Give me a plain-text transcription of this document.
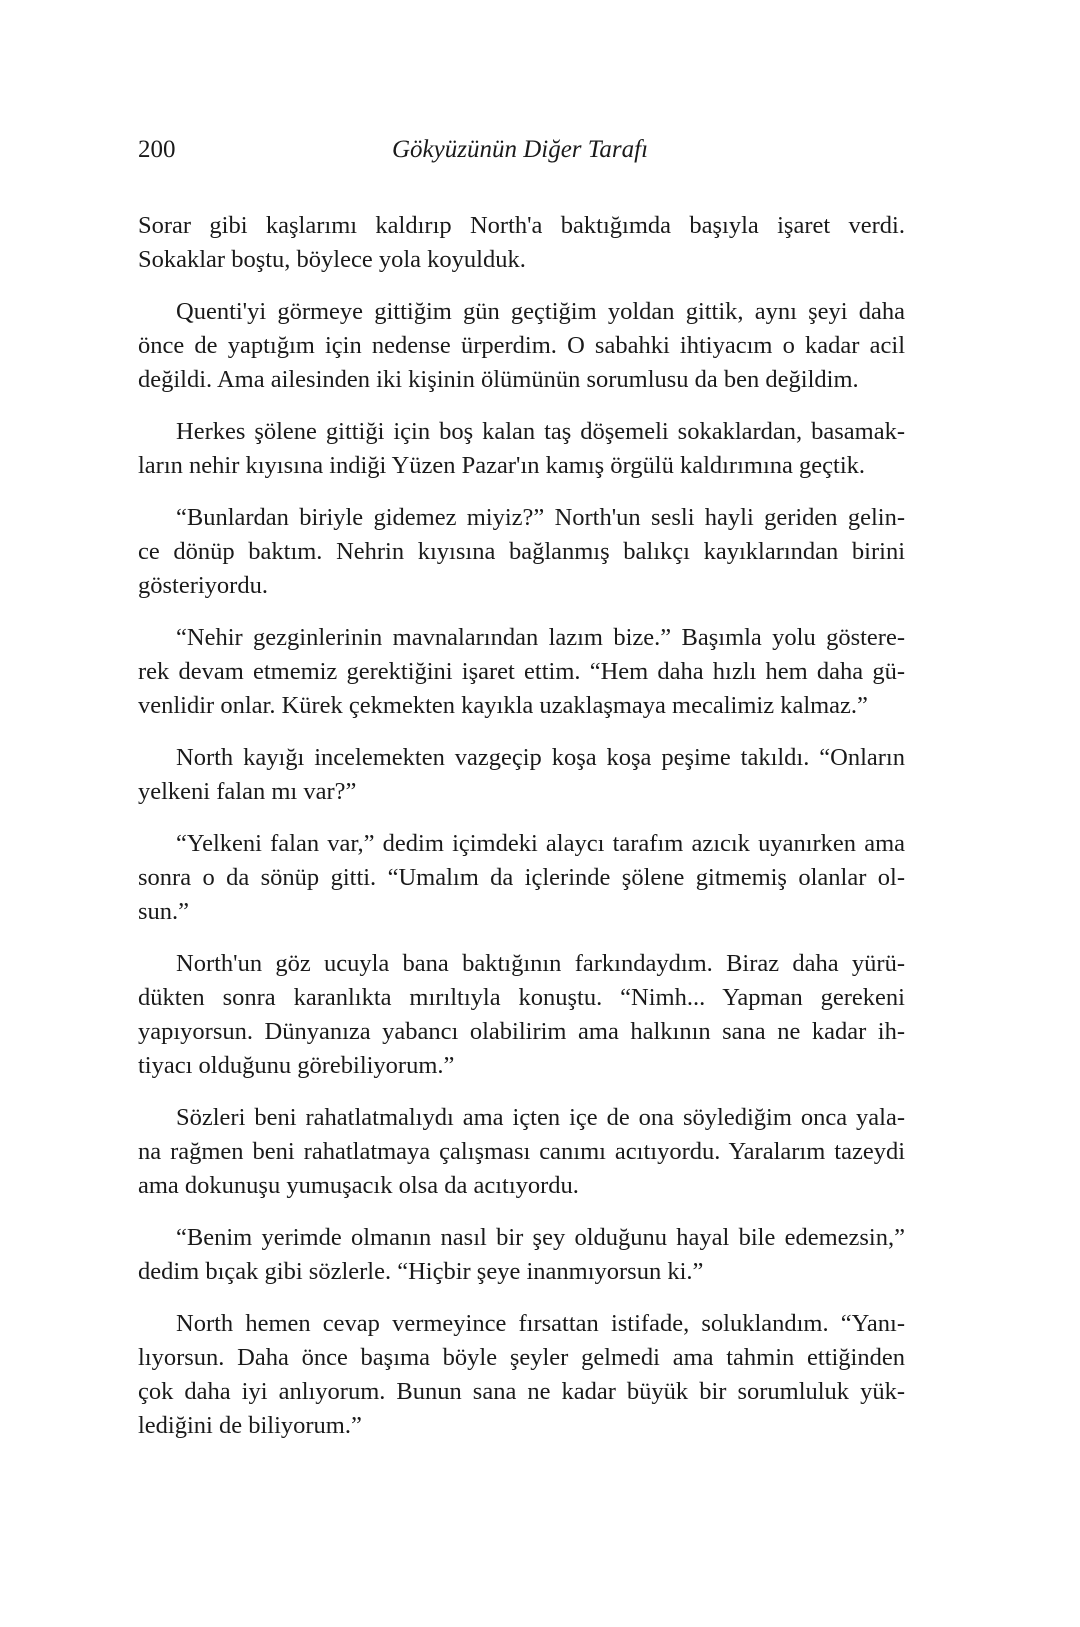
200	Gökyüzünün Diğer Tarafı
Sorar gibi kaşlarımı kaldırıp North'a baktığımda başıyla işaret verdi.
Sokaklar boştu, böylece yola koyulduk.
Quenti'yi görmeye gittiğim gün geçtiğim yoldan gittik, aynı şeyi daha
önce de yaptığım için nedense ürperdim. O sabahki ihtiyacım o kadar acil
değildi. Ama ailesinden iki kişinin ölümünün sorumlusu da ben değildim.
Herkes şölene gittiği için boş kalan taş döşemeli sokaklardan, basamak-
ların nehir kıyısına indiği Yüzen Pazar'ın kamış örgülü kaldırımına geçtik.
“Bunlardan biriyle gidemez miyiz?” North'un sesli hayli geriden gelin-
ce dönüp baktım. Nehrin kıyısına bağlanmış balıkçı kayıklarından birini
gösteriyordu.
“Nehir gezginlerinin mavnalarından lazım bize.” Başımla yolu göstere-
rek devam etmemiz gerektiğini işaret ettim. “Hem daha hızlı hem daha gü-
venlidir onlar. Kürek çekmekten kayıkla uzaklaşmaya mecalimiz kalmaz.”
North kayığı incelemekten vazgeçip koşa koşa peşime takıldı. “Onların
yelkeni falan mı var?”
“Yelkeni falan var,” dedim içimdeki alaycı tarafım azıcık uyanırken ama
sonra o da sönüp gitti. “Umalım da içlerinde şölene gitmemiş olanlar ol-
sun.”
North'un göz ucuyla bana baktığının farkındaydım. Biraz daha yürü-
dükten sonra karanlıkta mırıltıyla konuştu. “Nimh... Yapman gerekeni
yapıyorsun. Dünyanıza yabancı olabilirim ama halkının sana ne kadar ih-
tiyacı olduğunu görebiliyorum.”
Sözleri beni rahatlatmalıydı ama içten içe de ona söylediğim onca yala-
na rağmen beni rahatlatmaya çalışması canımı acıtıyordu. Yaralarım tazeydi
ama dokunuşu yumuşacık olsa da acıtıyordu.
“Benim yerimde olmanın nasıl bir şey olduğunu hayal bile edemezsin,”
dedim bıçak gibi sözlerle. “Hiçbir şeye inanmıyorsun ki.”
North hemen cevap vermeyince fırsattan istifade, soluklandım. “Yanı-
lıyorsun. Daha önce başıma böyle şeyler gelmedi ama tahmin ettiğinden
çok daha iyi anlıyorum. Bunun sana ne kadar büyük bir sorumluluk yük-
lediğini de biliyorum.”
